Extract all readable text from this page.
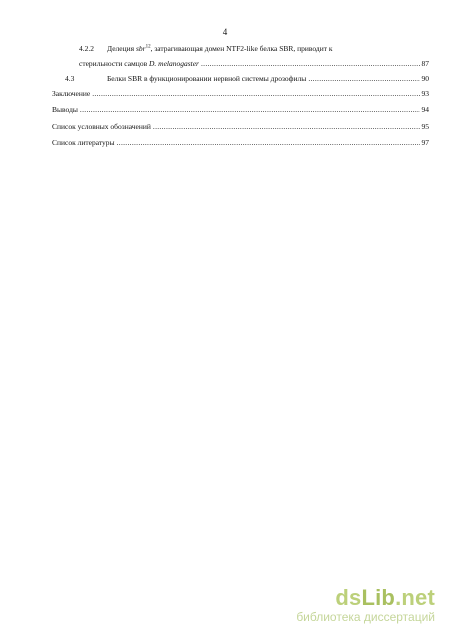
4
4.2.2	Делеция sbr$^{12}$, затрагивающая домен NTF2-like белка SBR, приводит к
стерильности самцов D. melanogaster .....	87
4.3	Белки SBR в функционировании нервной системы дрозофилы .....	90
Заключение .....	93
Выводы .....	94
Список условных обозначений .....	95
Список литературы .....	97
dsLib.net
библиотека диссертаций
